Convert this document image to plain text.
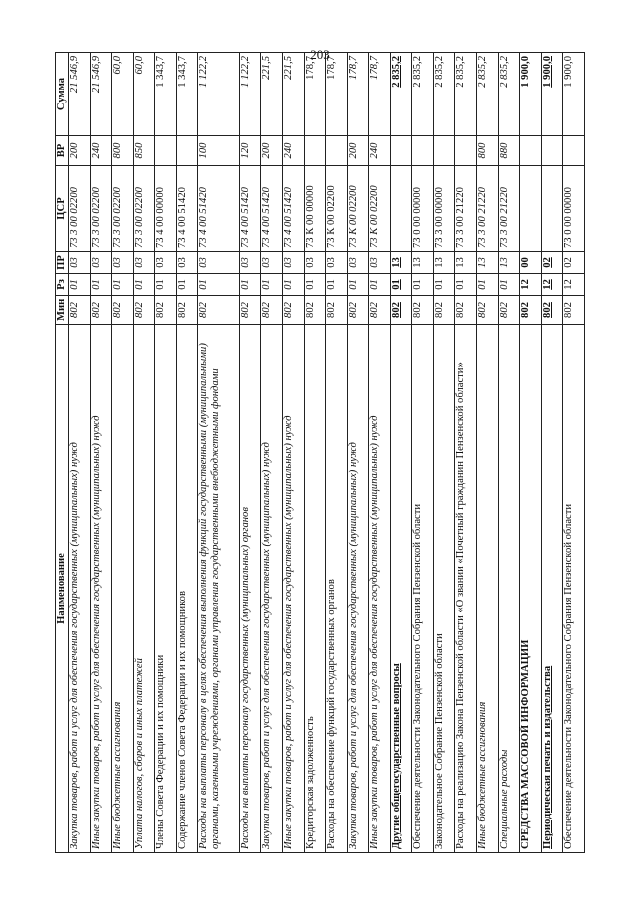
203
Наименование	Мин	Рз	ПР	ЦСР	ВР	Сумма
Закупка товаров, работ и услуг для обеспечения государственных (муниципальных) нужд	802	01	03	73 3 00 02200	200	21 546,9
Иные закупки товаров, работ и услуг для обеспечения государственных (муниципальных) нужд	802	01	03	73 3 00 02200	240	21 546,9
Иные бюджетные ассигнования	802	01	03	73 3 00 02200	800	60,0
Уплата налогов, сборов и иных платежей	802	01	03	73 3 00 02200	850	60,0
Члены Совета Федерации и их помощники	802	01	03	73 4 00 00000		1 343,7
Содержание членов Совета Федерации и их помощников	802	01	03	73 4 00 51420		1 343,7
Расходы на выплаты персоналу в целях обеспечения выполнения функций государственными (муниципальными) органами, казенными учреждениями, органами управления государственными внебюджетными фондами	802	01	03	73 4 00 51420	100	1 122,2
Расходы на выплаты персоналу государственных (муниципальных) органов	802	01	03	73 4 00 51420	120	1 122,2
Закупка товаров, работ и услуг для обеспечения государственных (муниципальных) нужд	802	01	03	73 4 00 51420	200	221,5
Иные закупки товаров, работ и услуг для обеспечения государственных (муниципальных) нужд	802	01	03	73 4 00 51420	240	221,5
Кредиторская задолженность	802	01	03	73 К 00 00000		178,7
Расходы на обеспечение функций государственных органов	802	01	03	73 К 00 02200		178,7
Закупка товаров, работ и услуг для обеспечения государственных (муниципальных) нужд	802	01	03	73 К 00 02200	200	178,7
Иные закупки товаров, работ и услуг для обеспечения государственных (муниципальных) нужд	802	01	03	73 К 00 02200	240	178,7
Другие общегосударственные вопросы	802	01	13			2 835,2
Обеспечение деятельности Законодательного Собрания Пензенской области	802	01	13	73 0 00 00000		2 835,2
Законодательное Собрание Пензенской области	802	01	13	73 3 00 00000		2 835,2
Расходы на реализацию Закона Пензенской области «О звании «Почетный гражданин Пензенской области»	802	01	13	73 3 00 21220		2 835,2
Иные бюджетные ассигнования	802	01	13	73 3 00 21220	800	2 835,2
Специальные расходы	802	01	13	73 3 00 21220	880	2 835,2
СРЕДСТВА МАССОВОЙ ИНФОРМАЦИИ	802	12	00			1 900,0
Периодическая печать и издательства	802	12	02			1 900,0
Обеспечение деятельности Законодательного Собрания Пензенской области	802	12	02	73 0 00 00000		1 900,0
